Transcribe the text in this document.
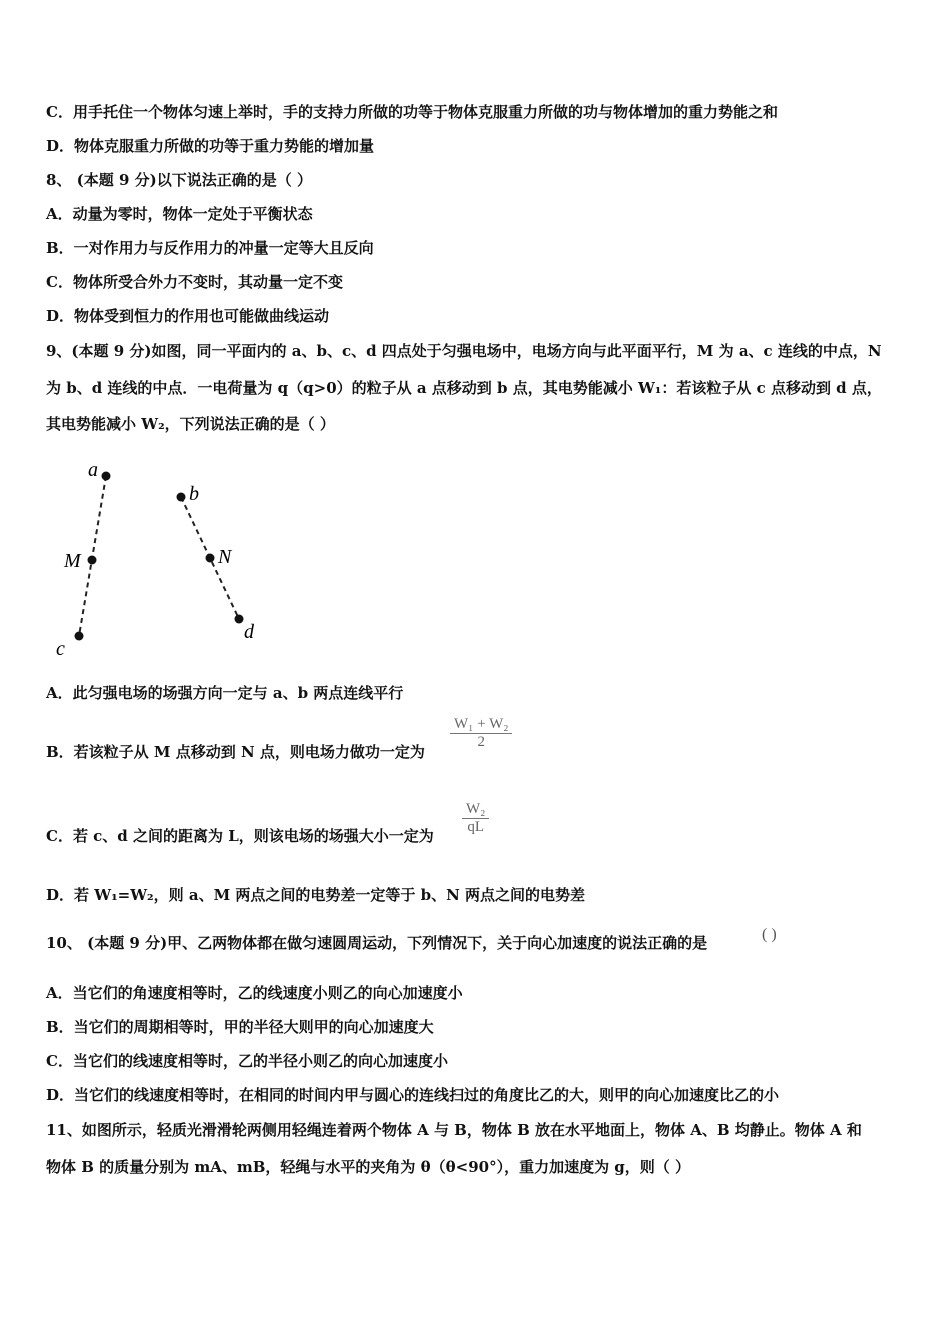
C．用手托住一个物体匀速上举时，手的支持力所做的功等于物体克服重力所做的功与物体增加的重力势能之和
D．物体克服重力所做的功等于重力势能的增加量
8、 (本题 9 分)以下说法正确的是（ ）
A．动量为零时，物体一定处于平衡状态
B．一对作用力与反作用力的冲量一定等大且反向
C．物体所受合外力不变时，其动量一定不变
D．物体受到恒力的作用也可能做曲线运动
9、(本题 9 分)如图，同一平面内的 a、b、c、d 四点处于匀强电场中，电场方向与此平面平行，M 为 a、c 连线的中点，N
为 b、d 连线的中点．一电荷量为 q（q>0）的粒子从 a 点移动到 b 点，其电势能减小 W₁：若该粒子从 c 点移动到 d 点，
其电势能减小 W₂，下列说法正确的是（ ）
a
M
c
b
N
d
A．此匀强电场的场强方向一定与 a、b 两点连线平行
B．若该粒子从 M 点移动到 N 点，则电场力做功一定为
$\frac{\text{W₁ + W₂}}{2}$
C．若 c、d 之间的距离为 L，则该电场的场强大小一定为 $\frac{\text{W₂}}{qL}$
D．若 W₁=W₂，则 a、M 两点之间的电势差一定等于 b、N 两点之间的电势差
10、 (本题 9 分)甲、乙两物体都在做匀速圆周运动，下列情况下，关于向心加速度的说法正确的是	( )
A．当它们的角速度相等时，乙的线速度小则乙的向心加速度小
B．当它们的周期相等时，甲的半径大则甲的向心加速度大
C．当它们的线速度相等时，乙的半径小则乙的向心加速度小
D．当它们的线速度相等时，在相同的时间内甲与圆心的连线扫过的角度比乙的大，则甲的向心加速度比乙的小
11、如图所示，轻质光滑滑轮两侧用轻绳连着两个物体 A 与 B，物体 B 放在水平地面上，物体 A、B 均静止。物体 A 和
物体 B 的质量分别为 mA、mB，轻绳与水平的夹角为 θ（θ<90°），重力加速度为 g，则（ ）
